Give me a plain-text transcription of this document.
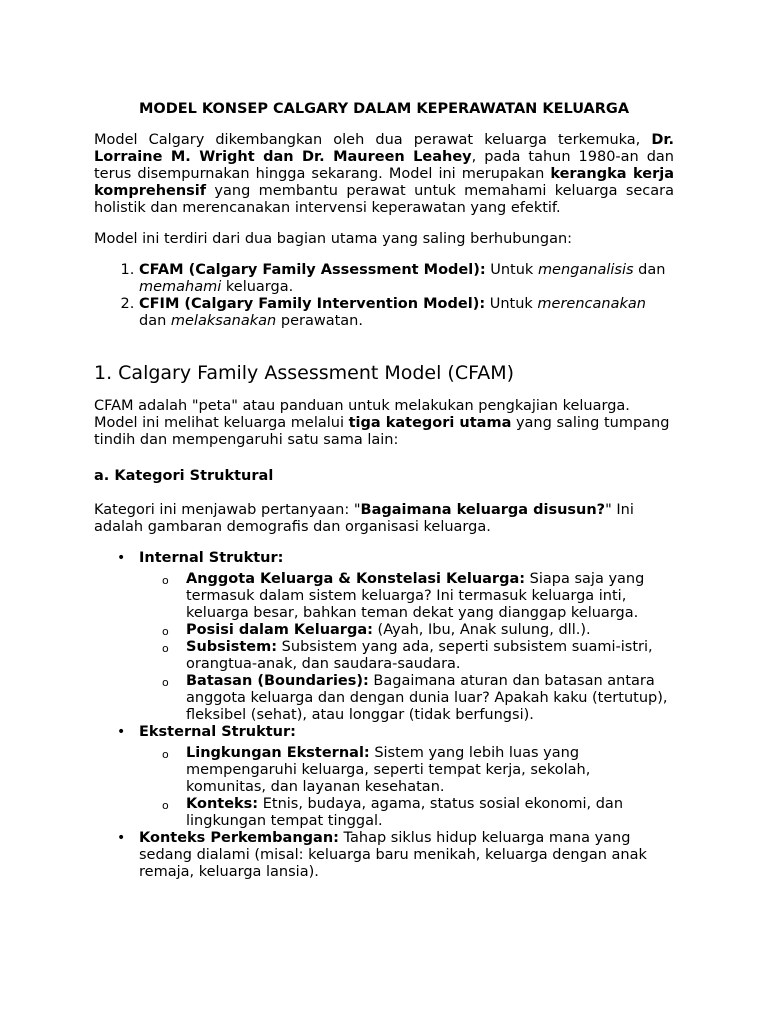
MODEL KONSEP CALGARY DALAM KEPERAWATAN KELUARGA

Model Calgary dikembangkan oleh dua perawat keluarga terkemuka, Dr. Lorraine M. Wright dan Dr. Maureen Leahey, pada tahun 1980-an dan terus disempurnakan hingga sekarang. Model ini merupakan kerangka kerja komprehensif yang membantu perawat untuk memahami keluarga secara holistik dan merencanakan intervensi keperawatan yang efektif.

Model ini terdiri dari dua bagian utama yang saling berhubungan:

1. CFAM (Calgary Family Assessment Model): Untuk menganalisis dan memahami keluarga.
2. CFIM (Calgary Family Intervention Model): Untuk merencanakan dan melaksanakan perawatan.
1. Calgary Family Assessment Model (CFAM)

CFAM adalah "peta" atau panduan untuk melakukan pengkajian keluarga. Model ini melihat keluarga melalui tiga kategori utama yang saling tumpang tindih dan mempengaruhi satu sama lain:

a. Kategori Struktural

Kategori ini menjawab pertanyaan: "Bagaimana keluarga disusun?" Ini adalah gambaran demografis dan organisasi keluarga.

• Internal Struktur:
o Anggota Keluarga & Konstelasi Keluarga: Siapa saja yang termasuk dalam sistem keluarga? Ini termasuk keluarga inti, keluarga besar, bahkan teman dekat yang dianggap keluarga.
o Posisi dalam Keluarga: (Ayah, Ibu, Anak sulung, dll.).
o Subsistem: Subsistem yang ada, seperti subsistem suami-istri, orangtua-anak, dan saudara-saudara.
o Batasan (Boundaries): Bagaimana aturan dan batasan antara anggota keluarga dan dengan dunia luar? Apakah kaku (tertutup), fleksibel (sehat), atau longgar (tidak berfungsi).
• Eksternal Struktur:
o Lingkungan Eksternal: Sistem yang lebih luas yang mempengaruhi keluarga, seperti tempat kerja, sekolah, komunitas, dan layanan kesehatan.
o Konteks: Etnis, budaya, agama, status sosial ekonomi, dan lingkungan tempat tinggal.
• Konteks Perkembangan: Tahap siklus hidup keluarga mana yang sedang dialami (misal: keluarga baru menikah, keluarga dengan anak remaja, keluarga lansia).
